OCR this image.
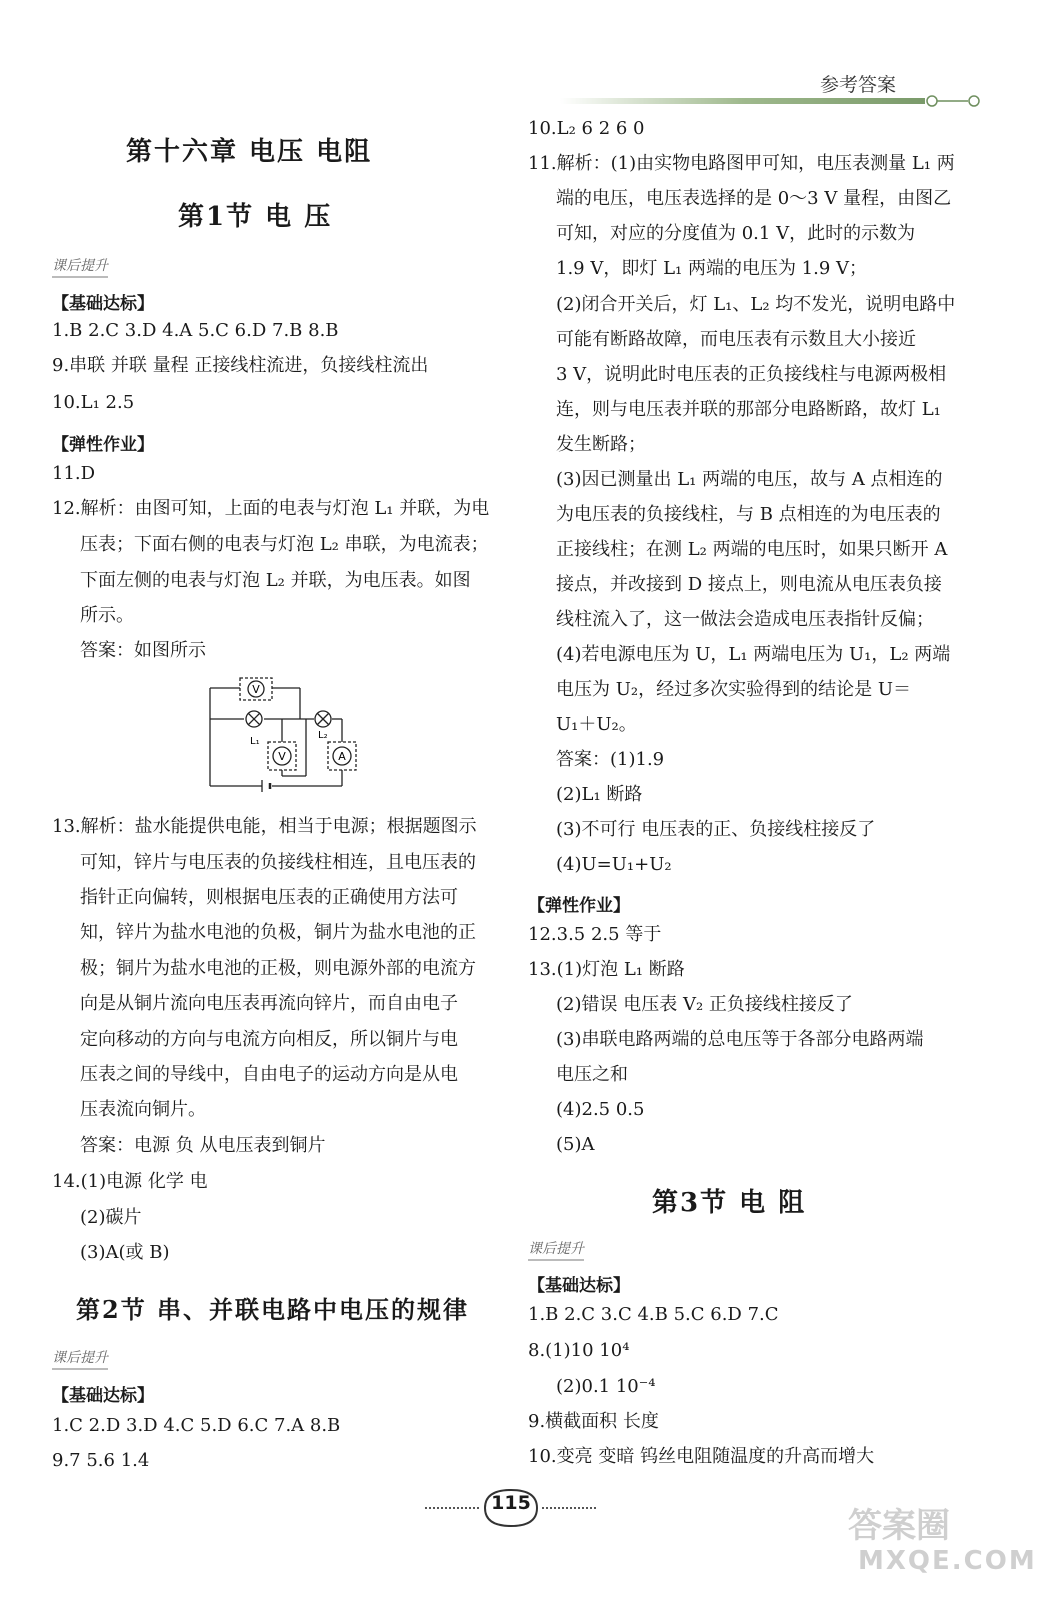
参考答案
第十六章 电压 电阻
第1节 电 压
课后提升
【基础达标】
1.B 2.C 3.D 4.A 5.C 6.D 7.B 8.B
9.串联 并联 量程 正接线柱流进，负接线柱流出
10.L₁ 2.5
【弹性作业】
11.D
12.解析：由图可知，上面的电表与灯泡 L₁ 并联，为电
压表；下面右侧的电表与灯泡 L₂ 串联，为电流表；
下面左侧的电表与灯泡 L₂ 并联，为电压表。如图
所示。
答案：如图所示
V
V	A
L₁
L₂
13.解析：盐水能提供电能，相当于电源；根据题图示
可知，锌片与电压表的负接线柱相连，且电压表的
指针正向偏转，则根据电压表的正确使用方法可
知，锌片为盐水电池的负极，铜片为盐水电池的正
极；铜片为盐水电池的正极，则电源外部的电流方
向是从铜片流向电压表再流向锌片，而自由电子
定向移动的方向与电流方向相反，所以铜片与电
压表之间的导线中，自由电子的运动方向是从电
压表流向铜片。
答案：电源 负 从电压表到铜片
14.(1)电源 化学 电
(2)碳片
(3)A(或 B)
第2节 串、并联电路中电压的规律
课后提升
【基础达标】
1.C 2.D 3.D 4.C 5.D 6.C 7.A 8.B
9.7 5.6 1.4
10.L₂ 6 2 6 0
11.解析：(1)由实物电路图甲可知，电压表测量 L₁ 两
端的电压，电压表选择的是 0～3 V 量程，由图乙
可知，对应的分度值为 0.1 V，此时的示数为
1.9 V，即灯 L₁ 两端的电压为 1.9 V；
(2)闭合开关后，灯 L₁、L₂ 均不发光，说明电路中
可能有断路故障，而电压表有示数且大小接近
3 V，说明此时电压表的正负接线柱与电源两极相
连，则与电压表并联的那部分电路断路，故灯 L₁
发生断路；
(3)因已测量出 L₁ 两端的电压，故与 A 点相连的
为电压表的负接线柱，与 B 点相连的为电压表的
正接线柱；在测 L₂ 两端的电压时，如果只断开 A
接点，并改接到 D 接点上，则电流从电压表负接
线柱流入了，这一做法会造成电压表指针反偏；
(4)若电源电压为 U，L₁ 两端电压为 U₁，L₂ 两端
电压为 U₂，经过多次实验得到的结论是 U＝
U₁＋U₂。
答案：(1)1.9
(2)L₁ 断路
(3)不可行 电压表的正、负接线柱接反了
(4)U=U₁+U₂
【弹性作业】
12.3.5 2.5 等于
13.(1)灯泡 L₁ 断路
(2)错误 电压表 V₂ 正负接线柱接反了
(3)串联电路两端的总电压等于各部分电路两端
电压之和
(4)2.5 0.5
(5)A
第3节 电 阻
课后提升
【基础达标】
1.B 2.C 3.C 4.B 5.C 6.D 7.C
8.(1)10 10⁴
(2)0.1 10⁻⁴
9.横截面积 长度
10.变亮 变暗 钨丝电阻随温度的升高而增大
115
答案圈
MXQE.COM
